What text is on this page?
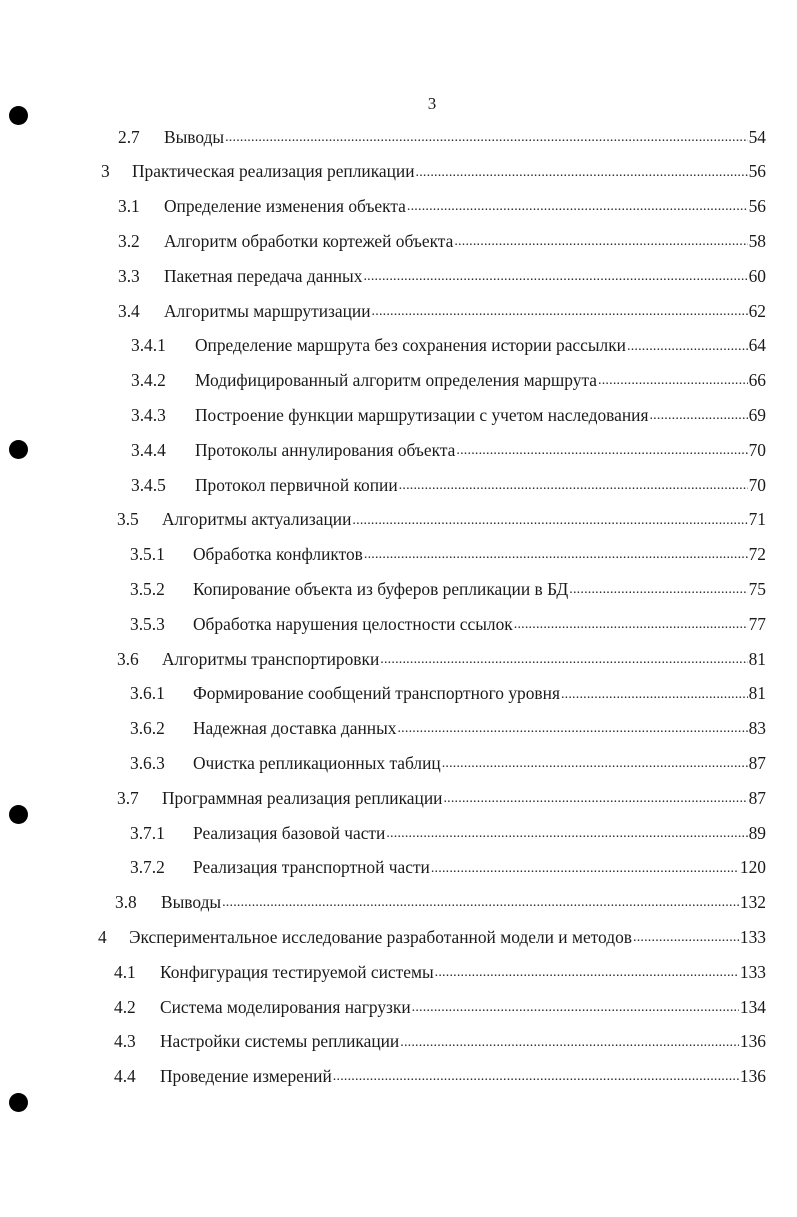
3
2.7	Выводы .....	54
3	Практическая реализация репликации .....	56
3.1	Определение изменения объекта .....	56
3.2	Алгоритм обработки кортежей объекта .....	58
3.3	Пакетная передача данных .....	60
3.4	Алгоритмы маршрутизации .....	62
3.4.1	Определение маршрута без сохранения истории рассылки .....	64
3.4.2	Модифицированный алгоритм определения маршрута .....	66
3.4.3	Построение функции маршрутизации с учетом наследования .....	69
3.4.4	Протоколы аннулирования объекта .....	70
3.4.5	Протокол первичной копии .....	70
3.5	Алгоритмы актуализации .....	71
3.5.1	Обработка конфликтов .....	72
3.5.2	Копирование объекта из буферов репликации в БД .....	75
3.5.3	Обработка нарушения целостности ссылок .....	77
3.6	Алгоритмы транспортировки .....	81
3.6.1	Формирование сообщений транспортного уровня .....	81
3.6.2	Надежная доставка данных .....	83
3.6.3	Очистка репликационных таблиц .....	87
3.7	Программная реализация репликации .....	87
3.7.1	Реализация базовой части .....	89
3.7.2	Реализация транспортной части .....	120
3.8	Выводы .....	132
4	Экспериментальное исследование разработанной модели и методов .....	133
4.1	Конфигурация тестируемой системы .....	133
4.2	Система моделирования нагрузки .....	134
4.3	Настройки системы репликации .....	136
4.4	Проведение измерений .....	136
